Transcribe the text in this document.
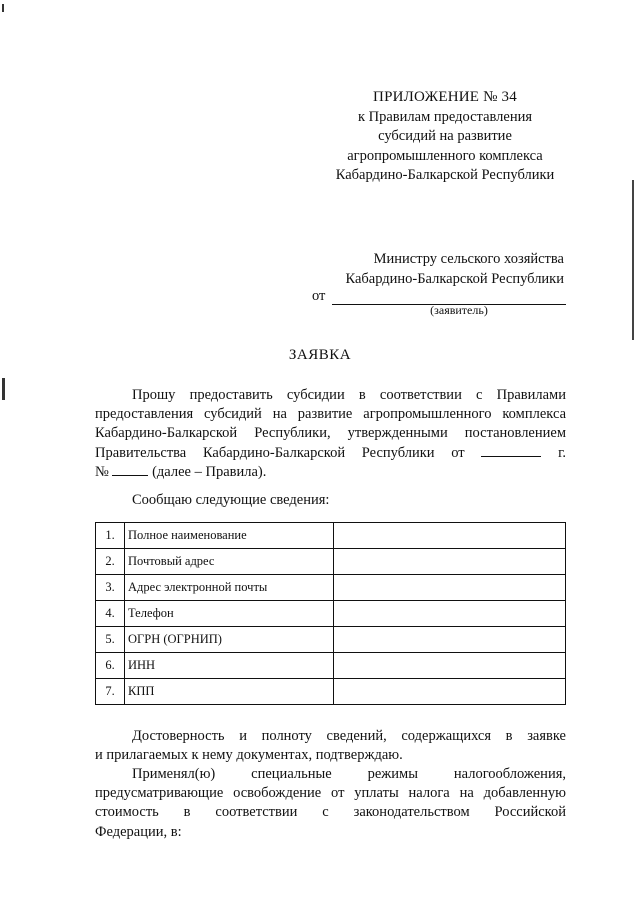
ПРИЛОЖЕНИЕ № 34
к Правилам предоставления
субсидий на развитие
агропромышленного комплекса
Кабардино-Балкарской Республики
Министру сельского хозяйства
Кабардино-Балкарской Республики
от
(заявитель)
ЗАЯВКА
Прошу предоставить субсидии в соответствии с Правилами
предоставления субсидий на развитие агропромышленного комплекса
Кабардино-Балкарской Республики, утвержденными постановлением
Правительства Кабардино-Балкарской Республики от	г.
№	(далее – Правила).
Сообщаю следующие сведения:
1.	Полное наименование	
2.	Почтовый адрес	
3.	Адрес электронной почты	
4.	Телефон	
5.	ОГРН (ОГРНИП)	
6.	ИНН	
7.	КПП	
Достоверность и полноту сведений, содержащихся в заявке
и прилагаемых к нему документах, подтверждаю.
Применял(ю) специальные режимы налогообложения,
предусматривающие освобождение от уплаты налога на добавленную
стоимость в соответствии с законодательством Российской
Федерации, в:
